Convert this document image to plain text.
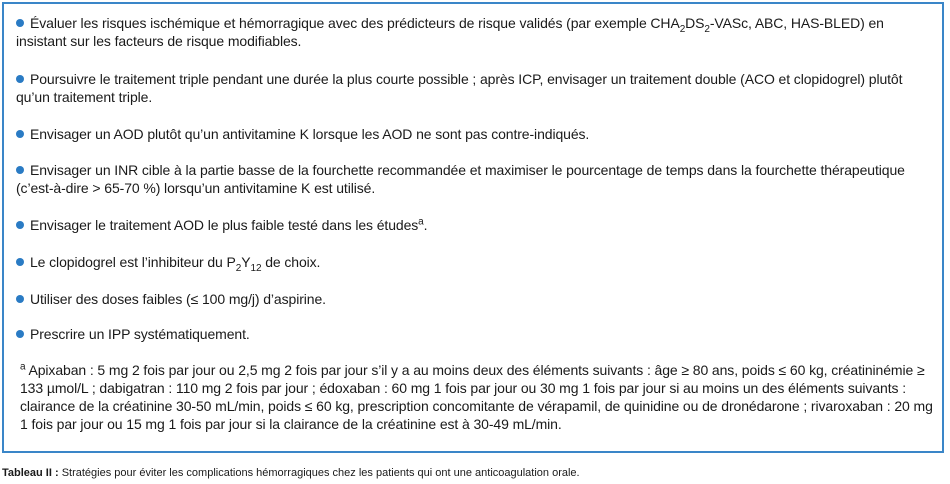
Évaluer les risques ischémique et hémorragique avec des prédicteurs de risque validés (par exemple $CHA_2DS_2$-VASc, ABC, HAS-BLED) en insistant sur les facteurs de risque modifiables.
Poursuivre le traitement triple pendant une durée la plus courte possible ; après ICP, envisager un traitement double (ACO et clopidogrel) plutôt qu’un traitement triple.
Envisager un AOD plutôt qu’un antivitamine K lorsque les AOD ne sont pas contre-indiqués.
Envisager un INR cible à la partie basse de la fourchette recommandée et maximiser le pourcentage de temps dans la fourchette thérapeutique (c’est-à-dire > 65-70 %) lorsqu’un antivitamine K est utilisé.
Envisager le traitement AOD le plus faible testé dans les études$^a$.
Le clopidogrel est l’inhibiteur du $P_2Y_{12}$ de choix.
Utiliser des doses faibles (≤ 100 mg/j) d’aspirine.
Prescrire un IPP systématiquement.

$^a$ Apixaban : 5 mg 2 fois par jour ou 2,5 mg 2 fois par jour s’il y a au moins deux des éléments suivants : âge ≥ 80 ans, poids ≤ 60 kg, créatininémie ≥ 133 µmol/L ; dabigatran : 110 mg 2 fois par jour ; édoxaban : 60 mg 1 fois par jour ou 30 mg 1 fois par jour si au moins un des éléments suivants : clairance de la créatinine 30-50 mL/min, poids ≤ 60 kg, prescription concomitante de vérapamil, de quinidine ou de dronédarone ; rivaroxaban : 20 mg 1 fois par jour ou 15 mg 1 fois par jour si la clairance de la créatinine est à 30-49 mL/min.

Tableau II : Stratégies pour éviter les complications hémorragiques chez les patients qui ont une anticoagulation orale.
